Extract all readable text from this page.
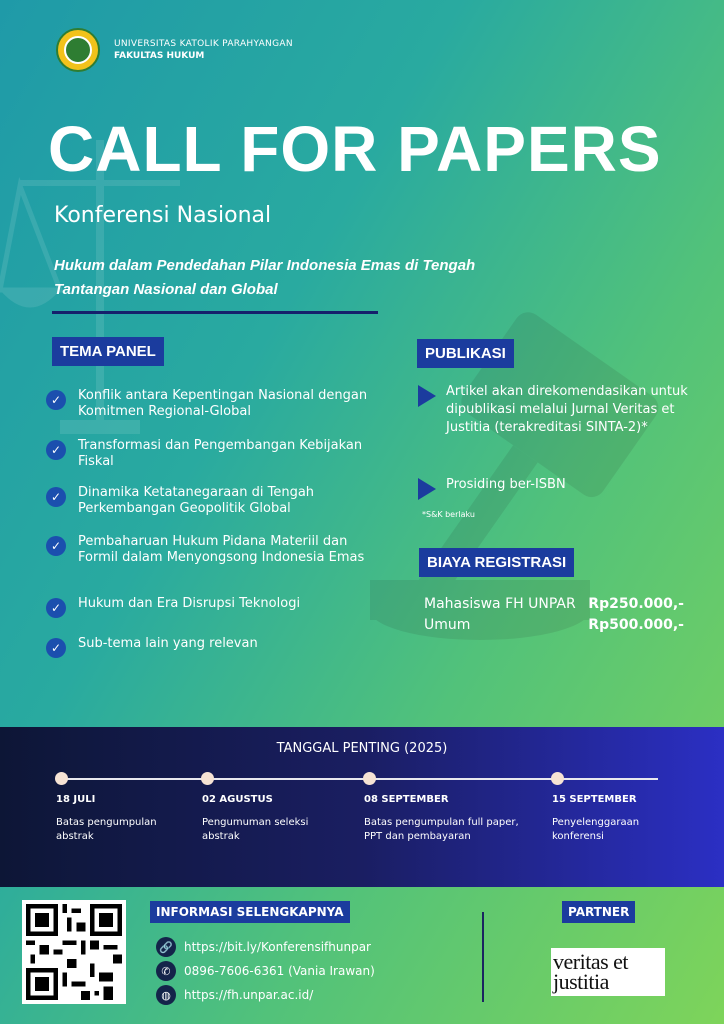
UNIVERSITAS KATOLIK PARAHYANGAN
FAKULTAS HUKUM
CALL FOR PAPERS
Konferensi Nasional
Hukum dalam Pendedahan Pilar Indonesia Emas di Tengah Tantangan Nasional dan Global
TEMA PANEL
✓	Konflik antara Kepentingan Nasional dengan Komitmen Regional-Global
✓	Transformasi dan Pengembangan Kebijakan Fiskal
✓	Dinamika Ketatanegaraan di Tengah Perkembangan Geopolitik Global
✓	Pembaharuan Hukum Pidana Materiil dan Formil dalam Menyongsong Indonesia Emas
✓	Hukum dan Era Disrupsi Teknologi
✓	Sub-tema lain yang relevan
PUBLIKASI
Artikel akan direkomendasikan untuk dipublikasi melalui Jurnal Veritas et Justitia (terakreditasi SINTA-2)*
Prosiding ber-ISBN
*S&K berlaku
BIAYA REGISTRASI
Mahasiswa FH UNPAR Rp250.000,-
Umum	Rp500.000,-
TANGGAL PENTING (2025)
18 JULI
Batas pengumpulan abstrak
02 AGUSTUS
Pengumuman seleksi abstrak
08 SEPTEMBER
Batas pengumpulan full paper, PPT dan pembayaran
15 SEPTEMBER
Penyelenggaraan konferensi
INFORMASI SELENGKAPNYA
🔗 https://bit.ly/Konferensifhunpar
✆	0896-7606-6361 (Vania Irawan)
◍	https://fh.unpar.ac.id/
PARTNER
veritas et justitia
